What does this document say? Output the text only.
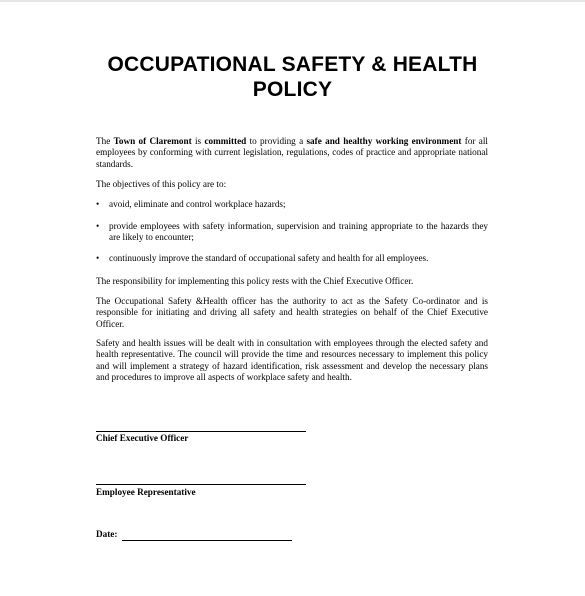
OCCUPATIONAL SAFETY & HEALTH
POLICY

The Town of Claremont is committed to providing a safe and healthy working environment for all employees by conforming with current legislation, regulations, codes of practice and appropriate national standards.

The objectives of this policy are to:

•	avoid, eliminate and control workplace hazards;
•	provide employees with safety information, supervision and training appropriate to the hazards they are likely to encounter;
•	continuously improve the standard of occupational safety and health for all employees.

The responsibility for implementing this policy rests with the Chief Executive Officer.

The Occupational Safety &Health officer has the authority to act as the Safety Co-ordinator and is responsible for initiating and driving all safety and health strategies on behalf of the Chief Executive Officer.

Safety and health issues will be dealt with in consultation with employees through the elected safety and health representative. The council will provide the time and resources necessary to implement this policy and will implement a strategy of hazard identification, risk assessment and develop the necessary plans and procedures to improve all aspects of workplace safety and health.

Chief Executive Officer
Employee Representative
Date:
